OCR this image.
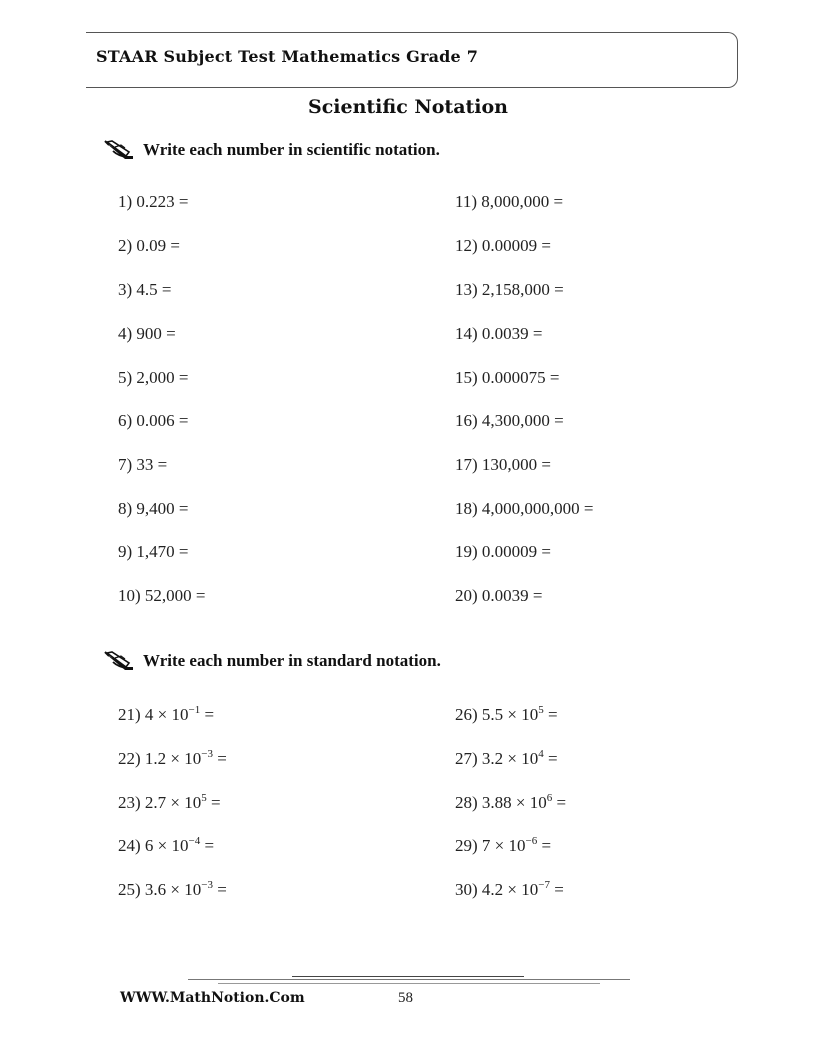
STAAR Subject Test Mathematics Grade 7
Scientific Notation
Write each number in scientific notation.
1) 0.223 =
2) 0.09 =
3) 4.5 =
4) 900 =
5) 2,000 =
6) 0.006 =
7) 33 =
8) 9,400 =
9) 1,470 =
10) 52,000 =
11) 8,000,000 =
12) 0.00009 =
13) 2,158,000 =
14) 0.0039 =
15) 0.000075 =
16) 4,300,000 =
17) 130,000 =
18) 4,000,000,000 =
19) 0.00009 =
20) 0.0039 =
Write each number in standard notation.
21) $4 \times 10^{-1}$ =
22) $1.2 \times 10^{-3}$ =
23) $2.7 \times 10^5$ =
24) $6 \times 10^{-4}$ =
25) $3.6 \times 10^{-3}$ =
26) $5.5 \times 10^5$ =
27) $3.2 \times 10^4$ =
28) $3.88 \times 10^6$ =
29) $7 \times 10^{-6}$ =
30) $4.2 \times 10^{-7}$ =
WWW.MathNotion.Com	58
